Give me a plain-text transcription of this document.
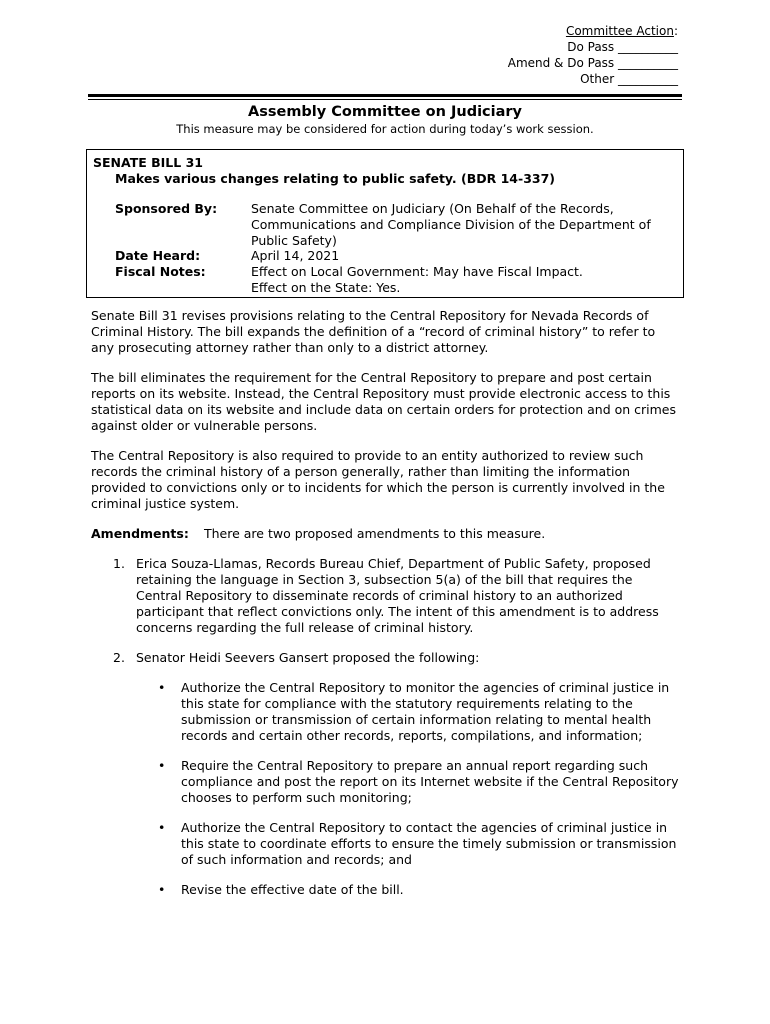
Committee Action:
Do Pass __________
Amend & Do Pass __________
Other __________
Assembly Committee on Judiciary
This measure may be considered for action during today’s work session.
SENATE BILL 31
Makes various changes relating to public safety. (BDR 14-337)
Sponsored By:	Senate Committee on Judiciary (On Behalf of the Records, Communications and Compliance Division of the Department of Public Safety)
Date Heard:	April 14, 2021
Fiscal Notes:	Effect on Local Government: May have Fiscal Impact.
Effect on the State: Yes.

Senate Bill 31 revises provisions relating to the Central Repository for Nevada Records of Criminal History. The bill expands the definition of a “record of criminal history” to refer to any prosecuting attorney rather than only to a district attorney.

The bill eliminates the requirement for the Central Repository to prepare and post certain reports on its website. Instead, the Central Repository must provide electronic access to this statistical data on its website and include data on certain orders for protection and on crimes against older or vulnerable persons.

The Central Repository is also required to provide to an entity authorized to review such records the criminal history of a person generally, rather than limiting the information provided to convictions only or to incidents for which the person is currently involved in the criminal justice system.

Amendments: There are two proposed amendments to this measure.
1. Erica Souza-Llamas, Records Bureau Chief, Department of Public Safety, proposed retaining the language in Section 3, subsection 5(a) of the bill that requires the Central Repository to disseminate records of criminal history to an authorized participant that reflect convictions only. The intent of this amendment is to address concerns regarding the full release of criminal history.
2. Senator Heidi Seevers Gansert proposed the following:
• Authorize the Central Repository to monitor the agencies of criminal justice in this state for compliance with the statutory requirements relating to the submission or transmission of certain information relating to mental health records and certain other records, reports, compilations, and information;
• Require the Central Repository to prepare an annual report regarding such compliance and post the report on its Internet website if the Central Repository chooses to perform such monitoring;
• Authorize the Central Repository to contact the agencies of criminal justice in this state to coordinate efforts to ensure the timely submission or transmission of such information and records; and
• Revise the effective date of the bill.
